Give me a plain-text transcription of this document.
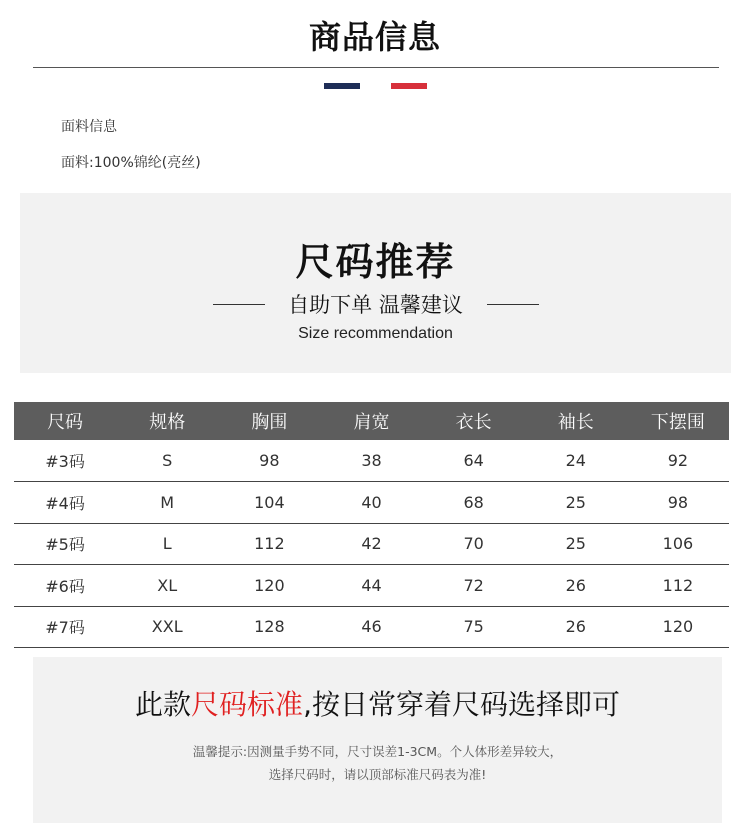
商品信息
面料信息
面料:100%锦纶(亮丝)
尺码推荐
自助下单 温馨建议
Size recommendation
尺码	规格	胸围	肩宽	衣长	袖长	下摆围
#3码	S	98	38	64	24	92
#4码	M	104	40	68	25	98
#5码	L	112	42	70	25	106
#6码	XL	120	44	72	26	112
#7码	XXL	128	46	75	26	120
此款尺码标准,按日常穿着尺码选择即可
温馨提示:因测量手势不同，尺寸误差1-3CM。个人体形差异较大，
选择尺码时，请以顶部标准尺码表为准!
